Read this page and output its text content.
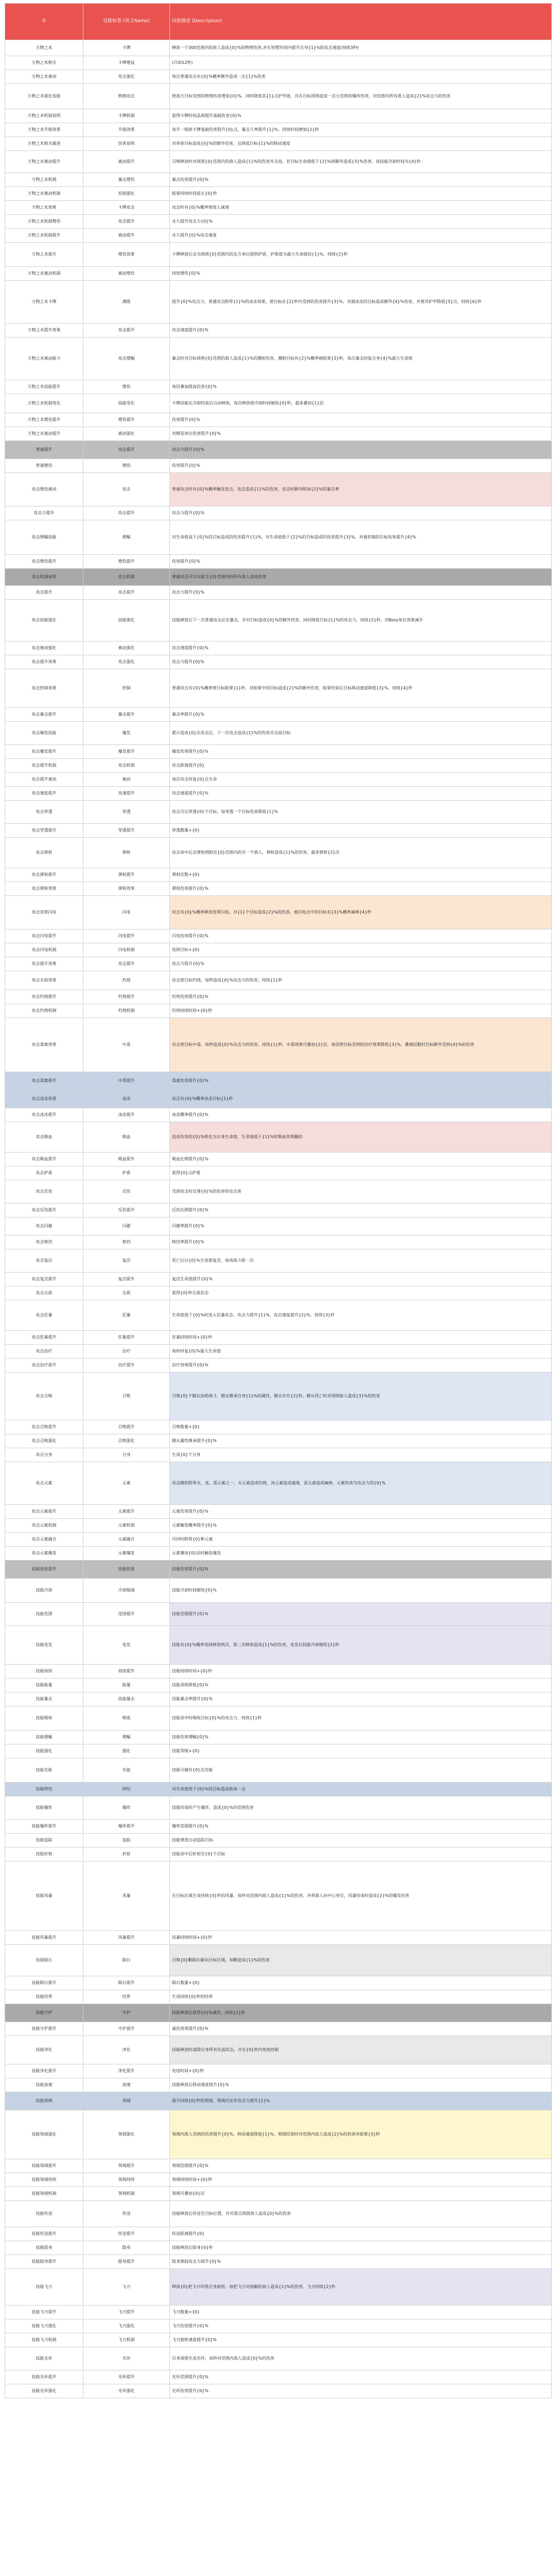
名	技能标签 (英文Name)	技能描述 (Description)
万物之术	卡牌	释放一个300范围内的敌人造成{0}%的物理伤害,并在短暂时间内提升自身{1}%的攻击速度(持续3秒)
万物之术相关	卡牌增益	(冷却12秒)
万物之术被动	攻击强化	每次普通攻击有{0}%概率额外造成一次{1}%伤害
万物之术强化技能	物理攻击	使敌方目标受到的物理伤害增加{0}%，同时降低其{1}点护甲值，并在目标周围造成一次小范围的爆炸伤害，对范围内所有敌人造成{2}%攻击力的伤害
万物之术机制说明	卡牌机制	获得卡牌时按品质提升基础伤害{0}%
万物之术升级效果	升级效果	每升一级使卡牌基础伤害提升{0}点，暴击几率提升{1}%，持续时间增加{2}秒
万物之术相关描述	伤害说明	对单体目标造成{0}%的额外伤害，且降低目标{1}%的移动速度
万物之术被动提升	被动提升	召唤释放时对周围{0}范围内的敌人造成{1}%的伤害并击退，若目标生命值低于{2}%则额外造成{3}%伤害，该技能冷却时间为{4}秒
万物之术机制	暴击增伤	暴击伤害提升{0}%
万物之术被动机制	控制强化	眩晕持续时间延长{0}秒
万物之术效果	卡牌攻击	攻击时有{0}%概率使敌人减速
万物之术机制增伤	攻击提升	永久提升攻击力{0}%
万物之术机制提升	被动提升	永久提升{0}%攻击速度
万物之术提升	增伤效果	卡牌释放后会为周围{0}范围内的友方单位提供护盾，护盾值为最大生命值的{1}%，持续{2}秒
万物之术被动机制	被动增伤	持续增伤{0}%
万物之术卡牌	满级	提升{0}%攻击力，普通攻击附带{1}%的冰冻效果，使目标在{2}秒内受到的伤害提升{3}%，对被冰冻的目标造成额外{4}%伤害，并使其护甲降低{5}点，持续{6}秒
万物之术提升效果	攻击提升	攻击速度提升{0}%
万物之术被动能力	攻击增幅	暴击时对目标周围{0}范围的敌人造成{1}%的溅射伤害，溅射目标有{2}%概率被眩晕{3}秒，每次暴击回复自身{4}%最大生命值
万物之术技能提升	增伤	每层叠加提高伤害{0}%
万物之术机制变化	技能变化	卡牌技能在冷却结束后自动释放，每次释放使冷却时间缩短{0}秒，最多叠加{1}层
万物之术增伤提升	增伤提升	伤害提升{0}%
万物之术被动提升	被动强化	对精英单位伤害提升{0}%
普通提升	攻击提升	攻击力提升{0}%
普通增伤	增伤	伤害提升{0}%
攻击增伤被动	连击	普通攻击时有{0}%概率触发连击，连击造成{1}%的伤害，连击时额外附加{2}%的暴击率
攻击力提升	攻击提升	攻击力提升{0}%
攻击增幅技能	增幅	对生命值高于{0}%的目标造成的伤害提升{1}%，对生命值低于{2}%的目标造成的伤害提升{3}%，对被控制的目标伤害提升{4}%
攻击增伤提升	增伤提升	伤害提升{0}%
攻击机制说明	攻击机制	普通攻击可以对前方{0}范围内的所有敌人造成伤害
攻击提升	攻击提升	攻击力提升{0}%
攻击技能强化	技能强化	技能释放后下一次普通攻击必定暴击，并对目标造成{0}%的额外伤害，同时降低目标{1}%的攻击力，持续{2}秒，对Boss单位效果减半
攻击被动强化	被动强化	攻击速度提升{0}%
攻击提升效果	攻击强化	攻击力提升{0}%
攻击控制效果	控制	普通攻击有{0}%概率使目标眩晕{1}秒，对眩晕中的目标造成{2}%的额外伤害，眩晕结束后目标移动速度降低{3}%，持续{4}秒
攻击暴击提升	暴击提升	暴击率提升{0}%
攻击爆发技能	爆发	累计造成{0}次攻击后，下一次攻击造成{1}%的伤害并击退目标
攻击爆发提升	爆发提升	爆发伤害提升{0}%
攻击提升机制	攻击机制	攻击距离提升{0}
攻击提升被动	被动	每次攻击回复{0}点生命
攻击速度提升	攻速提升	攻击速度提升{0}%
攻击穿透	穿透	攻击可以穿透{0}个目标，每穿透一个目标伤害降低{1}%
攻击穿透提升	穿透提升	穿透数量+{0}
攻击弹射	弹射	攻击命中后会弹射到附近{0}范围内的另一个敌人，弹射造成{1}%的伤害，最多弹射{2}次
攻击弹射提升	弹射提升	弹射次数+{0}
攻击弹射效果	弹射效果	弹射伤害提升{0}%
攻击连锁闪电	闪电	攻击有{0}%概率释放连锁闪电，对{1}个目标造成{2}%的伤害，被闪电击中的目标有{3}%概率麻痹{4}秒
攻击闪电提升	闪电提升	闪电伤害提升{0}%
攻击闪电机制	闪电机制	连锁目标+{0}
攻击提升效果	攻击提升	攻击力提升{0}%
攻击火焰效果	灼烧	攻击使目标灼烧，每秒造成{0}%攻击力的伤害，持续{1}秒
攻击灼烧提升	灼烧提升	灼烧伤害提升{0}%
攻击灼烧机制	灼烧机制	灼烧持续时间+{0}秒
攻击毒素效果	中毒	攻击使目标中毒，每秒造成{0}%攻击力的伤害，持续{1}秒，中毒效果可叠加{2}层，每层使目标受到的治疗效果降低{3}%，叠满层数时目标额外受到{4}%的伤害
攻击毒素提升	中毒提升	毒素伤害提升{0}%
攻击冰冻效果	冰冻	攻击有{0}%概率冰冻目标{1}秒
攻击冰冻提升	冰冻提升	冰冻概率提升{0}%
攻击吸血	吸血	造成伤害的{0}%转化为自身生命值，生命值低于{1}%时吸血效果翻倍
攻击吸血提升	吸血提升	吸血比例提升{0}%
攻击护盾	护盾	获得{0}点护盾
攻击反伤	反伤	受到攻击时反弹{0}%的伤害给攻击者
攻击反伤提升	反伤提升	反伤比例提升{0}%
攻击闪避	闪避	闪避率提升{0}%
攻击格挡	格挡	格挡率提升{0}%
攻击复活	复活	死亡后以{0}%生命值复活，每场战斗限一次
攻击复活提升	复活提升	复活生命值提升{0}%
攻击无敌	无敌	获得{0}秒无敌状态
攻击狂暴	狂暴	生命值低于{0}%时进入狂暴状态，攻击力提升{1}%，攻击速度提升{2}%，持续{3}秒
攻击狂暴提升	狂暴提升	狂暴持续时间+{0}秒
攻击治疗	治疗	每秒回复{0}%最大生命值
攻击治疗提升	治疗提升	治疗效果提升{0}%
攻击召唤	召唤	召唤{0}个随从协助战斗，随从继承自身{1}%的属性，随从存在{2}秒，随从死亡时对周围敌人造成{3}%的伤害
攻击召唤提升	召唤提升	召唤数量+{0}
攻击召唤强化	召唤强化	随从属性继承提升{0}%
攻击分身	分身	生成{0}个分身
攻击元素	元素	攻击随机附带火、冰、雷元素之一，火元素造成灼烧，冰元素造成减速，雷元素造成麻痹，元素伤害为攻击力的{0}%
攻击元素提升	元素提升	元素伤害提升{0}%
攻击元素机制	元素机制	元素触发概率提升{0}%
攻击元素融合	元素融合	可同时附带{0}种元素
攻击元素爆发	元素爆发	元素叠加{0}层时触发爆发
技能伤害提升	技能伤害	技能伤害提升{0}%
技能冷却	冷却缩减	技能冷却时间缩短{0}%
技能范围	范围提升	技能范围提升{0}%
技能连发	连发	技能有{0}%概率连续释放两次，第二次释放造成{1}%的伤害，连发后技能冷却缩短{2}秒
技能持续	持续提升	技能持续时间+{0}秒
技能能量	能量	技能消耗降低{0}%
技能暴击	技能暴击	技能暴击率提升{0}%
技能吸收	吸收	技能命中时吸收目标{0}%的攻击力，持续{1}秒
技能增幅	增幅	技能伤害增幅{0}%
技能强化	强化	技能等级+{0}
技能充能	充能	技能可储存{0}次充能
技能终结	终结	对生命值低于{0}%的目标造成致命一击
技能爆炸	爆炸	技能结束时产生爆炸，造成{0}%的范围伤害
技能爆炸提升	爆炸提升	爆炸范围提升{0}%
技能追踪	追踪	技能弹道自动追踪目标
技能折射	折射	技能命中后折射至{0}个目标
技能风暴	风暴	在目标区域生成持续{0}秒的风暴，每秒对范围内敌人造成{1}%的伤害，并将敌人向中心牵引，风暴结束时造成{2}%的爆发伤害
技能风暴提升	风暴提升	风暴持续时间+{0}秒
技能陨石	陨石	召唤{0}颗陨石砸向目标区域，每颗造成{1}%的伤害
技能陨石提升	陨石提升	陨石数量+{0}
技能结界	结界	生成持续{0}秒的结界
技能守护	守护	技能释放后获得{0}%减伤，持续{1}秒
技能守护提升	守护提升	减伤效果提升{0}%
技能净化	净化	技能释放时清除自身所有负面状态，并在{0}秒内免疫控制
技能净化提升	净化提升	免疫时间+{0}秒
技能加速	加速	技能释放后移动速度提升{0}%
技能领域	领域	展开持续{0}秒的领域，领域内友军攻击力提升{1}%
技能领域强化	领域强化	领域内敌人受到的伤害提升{0}%，移动速度降低{1}%，领域结束时对范围内敌人造成{2}%的伤害并眩晕{3}秒
技能领域提升	领域提升	领域范围提升{0}%
技能领域持续	领域持续	领域持续时间+{0}秒
技能领域机制	领域机制	领域可叠加{0}层
技能传送	传送	技能释放后传送至目标位置，并对落点周围敌人造成{0}%的伤害
技能传送提升	传送提升	传送距离提升{0}
技能隐身	隐身	技能释放后隐身{0}秒
技能隐身提升	隐身提升	隐身期间攻击力提升{0}%
技能飞刃	飞刃	释放{0}把飞刃环绕自身旋转，每把飞刃对接触的敌人造成{1}%的伤害，飞刃持续{2}秒
技能飞刃提升	飞刃提升	飞刃数量+{0}
技能飞刃强化	飞刃强化	飞刃伤害提升{0}%
技能飞刃机制	飞刃机制	飞刃旋转速度提升{0}%
技能光环	光环	自身周围生成光环，每秒对范围内敌人造成{0}%的伤害
技能光环提升	光环提升	光环范围提升{0}%
技能光环强化	光环强化	光环伤害提升{0}%
